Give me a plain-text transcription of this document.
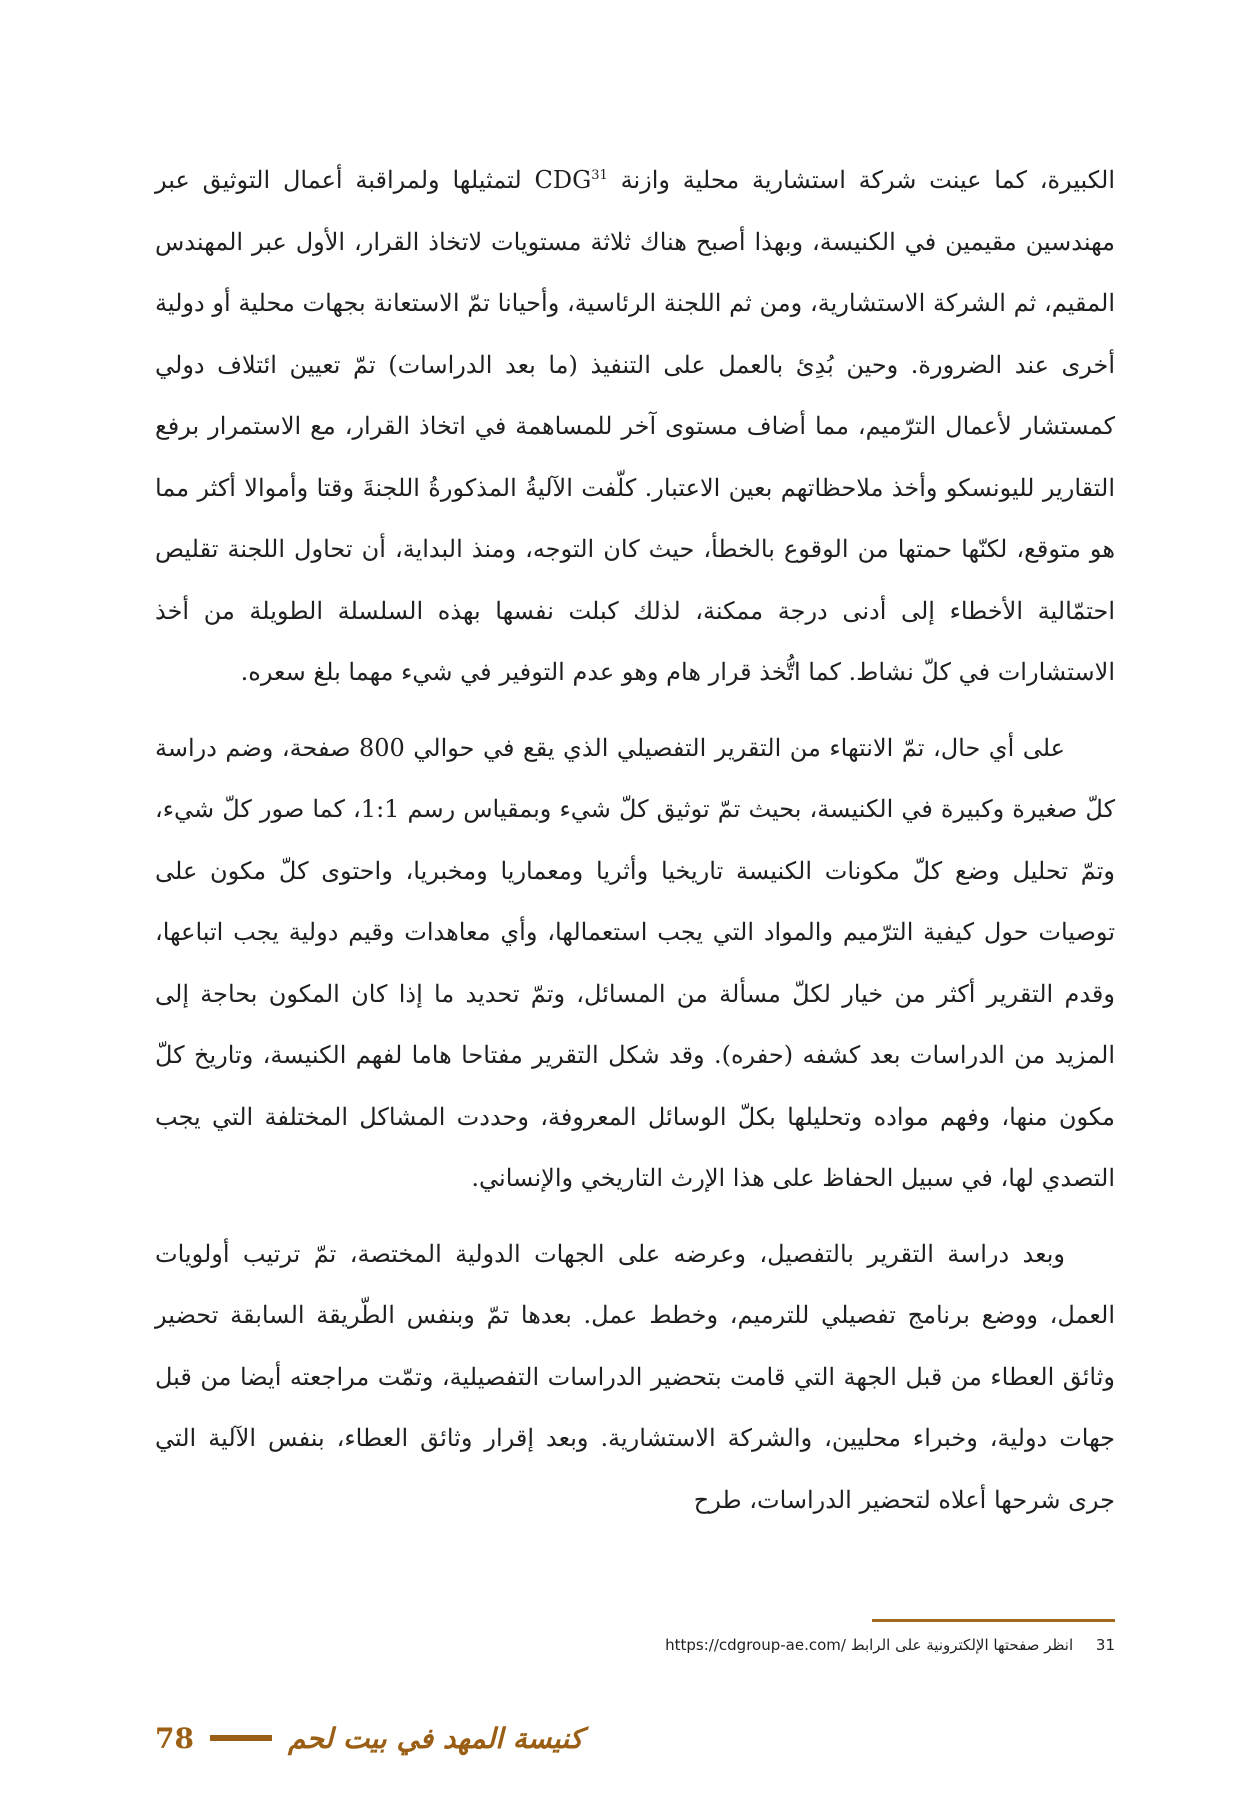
الكبيرة، كما عينت شركة استشارية محلية وازنة CDG$^{31}$ لتمثيلها ولمراقبة أعمال التوثيق عبر مهندسين مقيمين في الكنيسة، وبهذا أصبح هناك ثلاثة مستويات لاتخاذ القرار، الأول عبر المهندس المقيم، ثم الشركة الاستشارية، ومن ثم اللجنة الرئاسية، وأحيانا تمّ الاستعانة بجهات محلية أو دولية أخرى عند الضرورة. وحين بُدِئ بالعمل على التنفيذ (ما بعد الدراسات) تمّ تعيين ائتلاف دولي كمستشار لأعمال الترّميم، مما أضاف مستوى آخر للمساهمة في اتخاذ القرار، مع الاستمرار برفع التقارير لليونسكو وأخذ ملاحظاتهم بعين الاعتبار. كلّفت الآليةُ المذكورةُ اللجنةَ وقتا وأموالا أكثر مما هو متوقع، لكنّها حمتها من الوقوع بالخطأ، حيث كان التوجه، ومنذ البداية، أن تحاول اللجنة تقليص احتمّالية الأخطاء إلى أدنى درجة ممكنة، لذلك كبلت نفسها بهذه السلسلة الطويلة من أخذ الاستشارات في كلّ نشاط. كما اتُّخذ قرار هام وهو عدم التوفير في شيء مهما بلغ سعره.

على أي حال، تمّ الانتهاء من التقرير التفصيلي الذي يقع في حوالي 800 صفحة، وضم دراسة كلّ صغيرة وكبيرة في الكنيسة، بحيث تمّ توثيق كلّ شيء وبمقياس رسم 1:1، كما صور كلّ شيء، وتمّ تحليل وضع كلّ مكونات الكنيسة تاريخيا وأثريا ومعماريا ومخبريا، واحتوى كلّ مكون على توصيات حول كيفية الترّميم والمواد التي يجب استعمالها، وأي معاهدات وقيم دولية يجب اتباعها، وقدم التقرير أكثر من خيار لكلّ مسألة من المسائل، وتمّ تحديد ما إذا كان المكون بحاجة إلى المزيد من الدراسات بعد كشفه (حفره). وقد شكل التقرير مفتاحا هاما لفهم الكنيسة، وتاريخ كلّ مكون منها، وفهم مواده وتحليلها بكلّ الوسائل المعروفة، وحددت المشاكل المختلفة التي يجب التصدي لها، في سبيل الحفاظ على هذا الإرث التاريخي والإنساني.

وبعد دراسة التقرير بالتفصيل، وعرضه على الجهات الدولية المختصة، تمّ ترتيب أولويات العمل، ووضع برنامج تفصيلي للترميم، وخطط عمل. بعدها تمّ وبنفس الطّريقة السابقة تحضير وثائق العطاء من قبل الجهة التي قامت بتحضير الدراسات التفصيلية، وتمّت مراجعته أيضا من قبل جهات دولية، وخبراء محليين، والشركة الاستشارية. وبعد إقرار وثائق العطاء، بنفس الآلية التي جرى شرحها أعلاه لتحضير الدراسات، طرح

31 انظر صفحتها الإلكترونية على الرابط https://cdgroup-ae.com/
كنيسة المهد في بيت لحم
78
